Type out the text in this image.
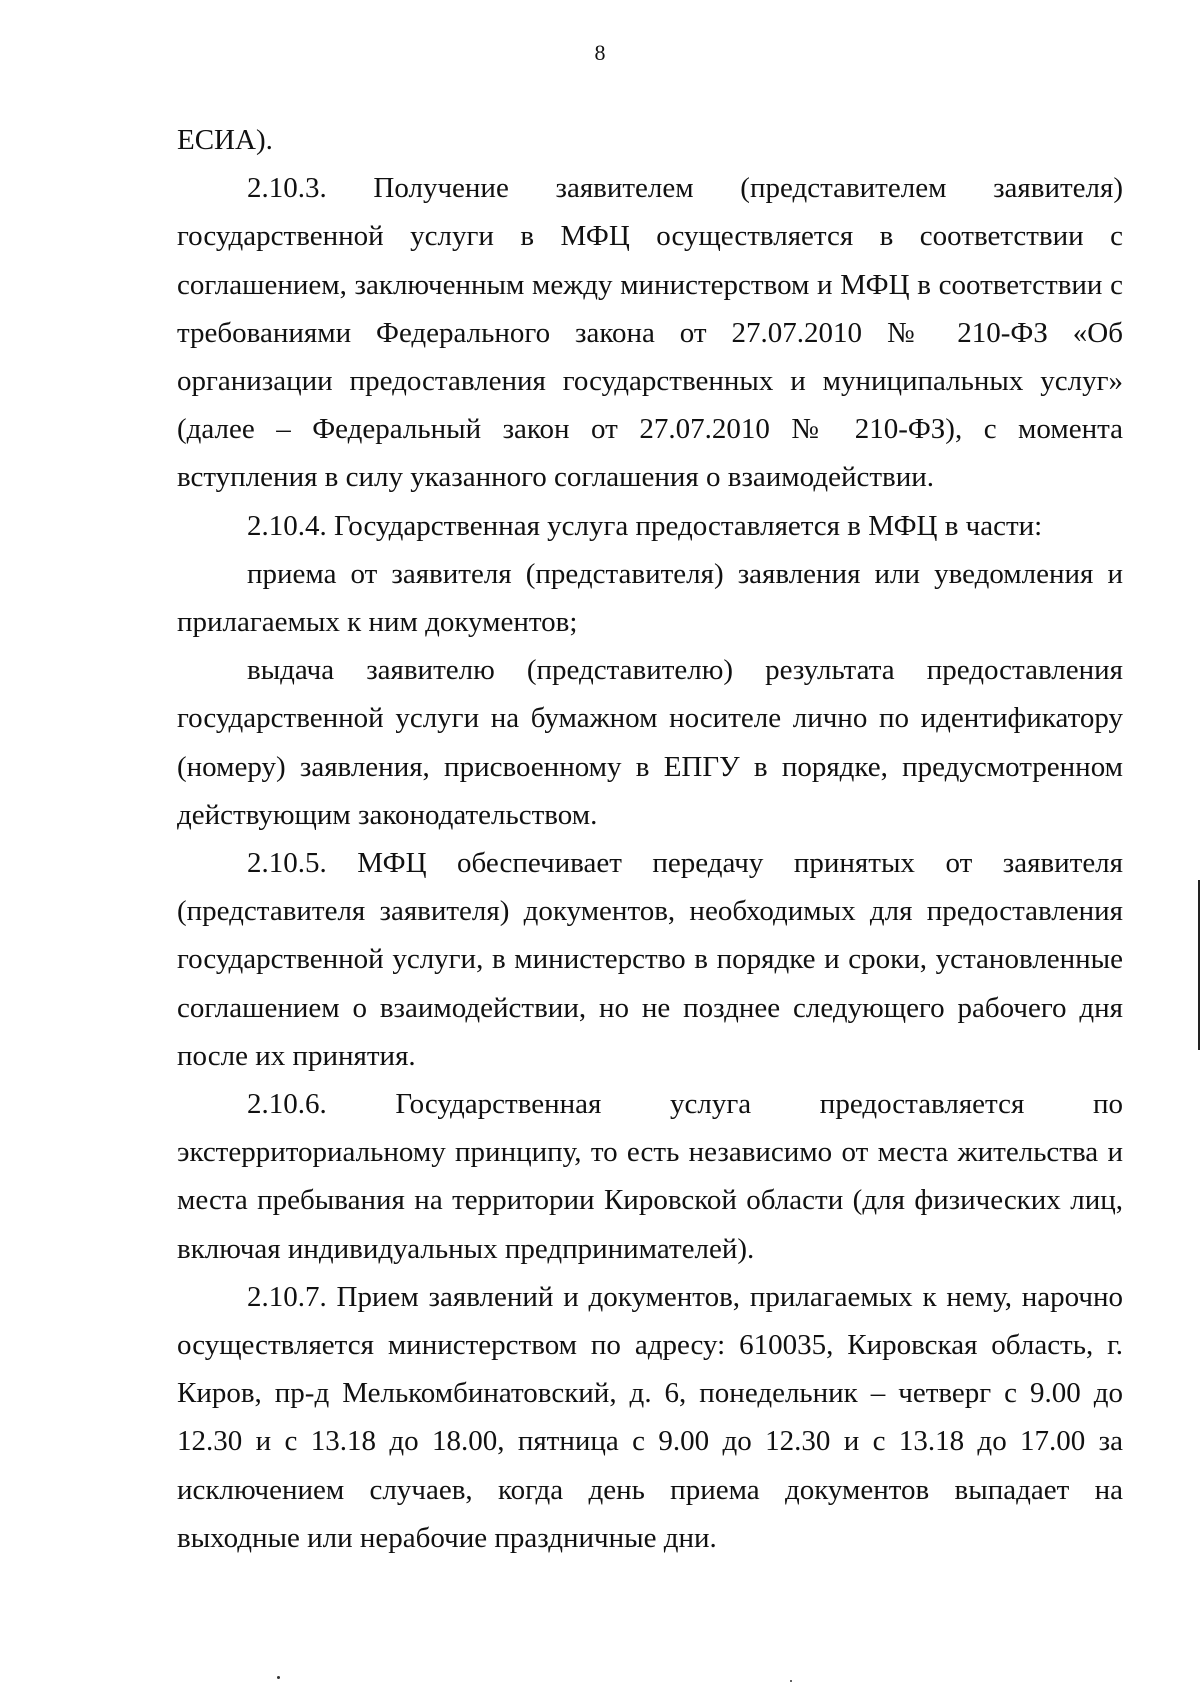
8

ЕСИА).

2.10.3. Получение заявителем (представителем заявителя) государственной услуги в МФЦ осуществляется в соответствии с соглашением, заключенным между министерством и МФЦ в соответствии с требованиями Федерального закона от 27.07.2010 № 210-ФЗ «Об организации предоставления государственных и муниципальных услуг» (далее – Федеральный закон от 27.07.2010 № 210-ФЗ), с момента вступления в силу указанного соглашения о взаимодействии.

2.10.4. Государственная услуга предоставляется в МФЦ в части:

приема от заявителя (представителя) заявления или уведомления и прилагаемых к ним документов;

выдача заявителю (представителю) результата предоставления государственной услуги на бумажном носителе лично по идентификатору (номеру) заявления, присвоенному в ЕПГУ в порядке, предусмотренном действующим законодательством.

2.10.5. МФЦ обеспечивает передачу принятых от заявителя (представителя заявителя) документов, необходимых для предоставления государственной услуги, в министерство в порядке и сроки, установленные соглашением о взаимодействии, но не позднее следующего рабочего дня после их принятия.

2.10.6. Государственная услуга предоставляется по экстерриториальному принципу, то есть независимо от места жительства и места пребывания на территории Кировской области (для физических лиц, включая индивидуальных предпринимателей).

2.10.7. Прием заявлений и документов, прилагаемых к нему, нарочно осуществляется министерством по адресу: 610035, Кировская область, г. Киров, пр-д Мелькомбинатовский, д. 6, понедельник – четверг с 9.00 до 12.30 и с 13.18 до 18.00, пятница с 9.00 до 12.30 и с 13.18 до 17.00 за исключением случаев, когда день приема документов выпадает на выходные или нерабочие праздничные дни.
